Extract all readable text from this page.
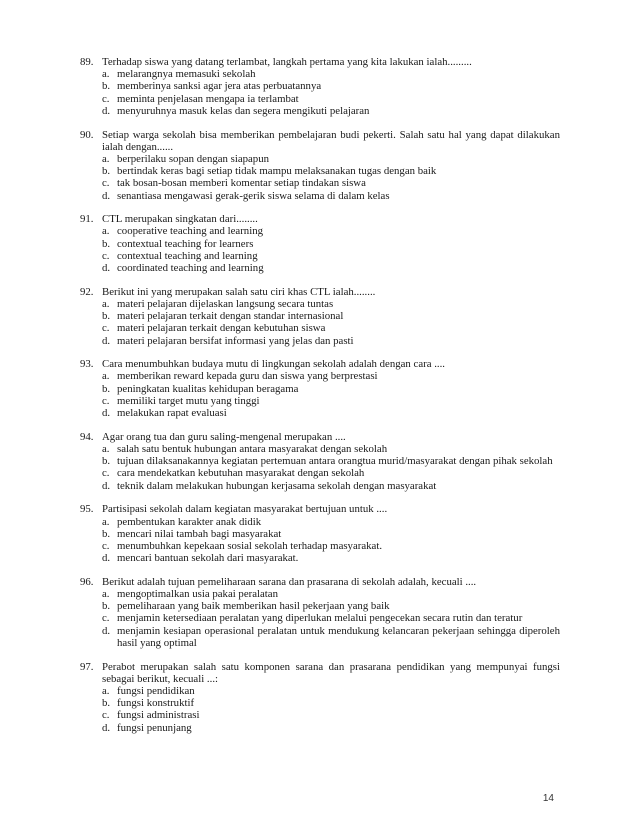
89. Terhadap siswa yang datang terlambat, langkah pertama yang kita lakukan ialah.........
a. melarangnya memasuki sekolah
b. memberinya sanksi agar jera atas perbuatannya
c. meminta penjelasan mengapa ia terlambat
d. menyuruhnya masuk kelas dan segera mengikuti pelajaran
90. Setiap warga sekolah bisa memberikan pembelajaran budi pekerti. Salah satu hal yang dapat dilakukan ialah dengan......
a. berperilaku sopan dengan siapapun
b. bertindak keras bagi setiap tidak mampu melaksanakan tugas dengan baik
c. tak bosan-bosan memberi komentar setiap tindakan siswa
d. senantiasa mengawasi gerak-gerik siswa selama di dalam kelas
91. CTL merupakan singkatan dari........
a. cooperative teaching and learning
b. contextual teaching for learners
c. contextual teaching and learning
d. coordinated teaching and learning
92. Berikut ini yang merupakan salah satu ciri khas CTL ialah........
a. materi pelajaran dijelaskan langsung secara tuntas
b. materi pelajaran terkait dengan standar internasional
c. materi pelajaran terkait dengan kebutuhan siswa
d. materi pelajaran bersifat informasi yang jelas dan pasti
93. Cara menumbuhkan budaya mutu di lingkungan sekolah adalah dengan cara ....
a. memberikan reward kepada guru dan siswa yang berprestasi
b. peningkatan kualitas kehidupan beragama
c. memiliki target mutu yang tinggi
d. melakukan rapat evaluasi
94. Agar orang tua dan guru saling-mengenal merupakan ....
a. salah satu bentuk hubungan antara masyarakat dengan sekolah
b. tujuan dilaksanakannya kegiatan pertemuan antara orangtua murid/masyarakat dengan pihak sekolah
c. cara mendekatkan kebutuhan masyarakat dengan sekolah
d. teknik dalam melakukan hubungan kerjasama sekolah dengan masyarakat
95. Partisipasi sekolah dalam kegiatan masyarakat bertujuan untuk ....
a. pembentukan karakter anak didik
b. mencari nilai tambah bagi masyarakat
c. menumbuhkan kepekaan sosial sekolah terhadap masyarakat.
d. mencari bantuan sekolah dari masyarakat.
96. Berikut adalah tujuan pemeliharaan sarana dan prasarana di sekolah adalah, kecuali ....
a. mengoptimalkan usia pakai peralatan
b. pemeliharaan yang baik memberikan hasil pekerjaan yang baik
c. menjamin ketersediaan peralatan yang diperlukan melalui pengecekan secara rutin dan teratur
d. menjamin kesiapan operasional peralatan untuk mendukung kelancaran pekerjaan sehingga diperoleh hasil yang optimal
97. Perabot merupakan salah satu komponen sarana dan prasarana pendidikan yang mempunyai fungsi sebagai berikut, kecuali ...:
a. fungsi pendidikan
b. fungsi konstruktif
c. fungsi administrasi
d. fungsi penunjang
14
